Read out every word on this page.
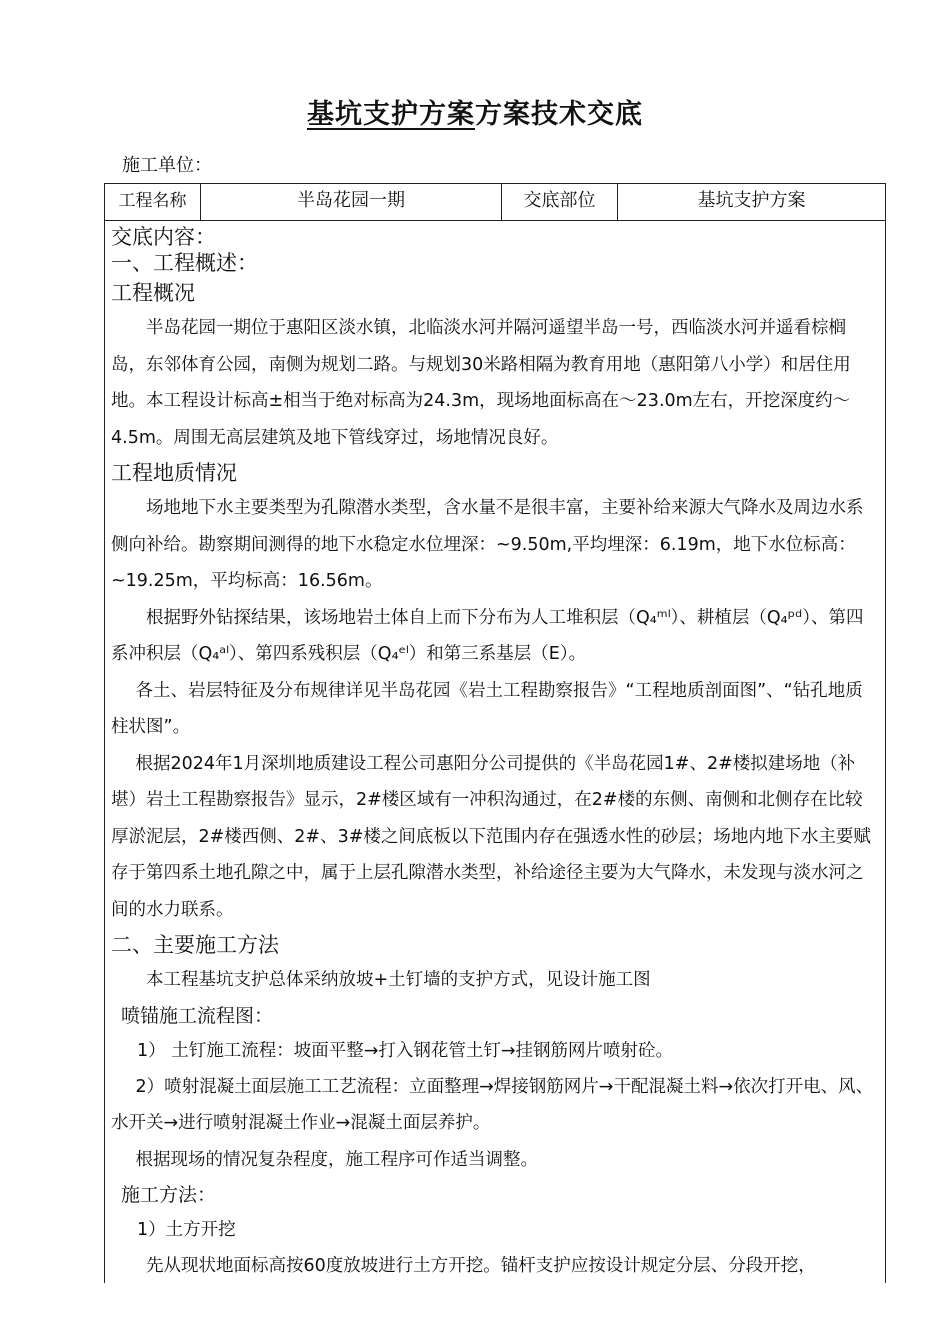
基坑支护方案方案技术交底
施工单位：
工程名称	半岛花园一期	交底部位	基坑支护方案
交底内容：
一、工程概述：
工程概况

半岛花园一期位于惠阳区淡水镇，北临淡水河并隔河遥望半岛一号，西临淡水河并遥看棕榈岛，东邻体育公园，南侧为规划二路。与规划30米路相隔为教育用地（惠阳第八小学）和居住用地。本工程设计标高±相当于绝对标高为24.3m，现场地面标高在～23.0m左右，开挖深度约～4.5m。周围无高层建筑及地下管线穿过，场地情况良好。

工程地质情况

场地地下水主要类型为孔隙潜水类型，含水量不是很丰富，主要补给来源大气降水及周边水系侧向补给。勘察期间测得的地下水稳定水位埋深：~9.50m,平均埋深：6.19m，地下水位标高：~19.25m，平均标高：16.56m。

根据野外钻探结果，该场地岩土体自上而下分布为人工堆积层（Q₄ᵐˡ）、耕植层（Q₄ᵖᵈ）、第四系冲积层（Q₄ᵃˡ）、第四系残积层（Q₄ᵉˡ）和第三系基层（E）。

各土、岩层特征及分布规律详见半岛花园《岩土工程勘察报告》“工程地质剖面图”、“钻孔地质柱状图”。

根据2024年1月深圳地质建设工程公司惠阳分公司提供的《半岛花园1#、2#楼拟建场地（补堪）岩土工程勘察报告》显示，2#楼区域有一冲积沟通过，在2#楼的东侧、南侧和北侧存在比较厚淤泥层，2#楼西侧、2#、3#楼之间底板以下范围内存在强透水性的砂层；场地内地下水主要赋存于第四系土地孔隙之中，属于上层孔隙潜水类型，补给途径主要为大气降水，未发现与淡水河之间的水力联系。

二、主要施工方法

本工程基坑支护总体采纳放坡+土钉墙的支护方式，见设计施工图

喷锚施工流程图：

1） 土钉施工流程：坡面平整→打入钢花管土钉→挂钢筋网片喷射砼。

2）喷射混凝土面层施工工艺流程：立面整理→焊接钢筋网片→干配混凝土料→依次打开电、风、水开关→进行喷射混凝土作业→混凝土面层养护。

根据现场的情况复杂程度，施工程序可作适当调整。

施工方法：

1）土方开挖

先从现状地面标高按60度放坡进行土方开挖。锚杆支护应按设计规定分层、分段开挖，
